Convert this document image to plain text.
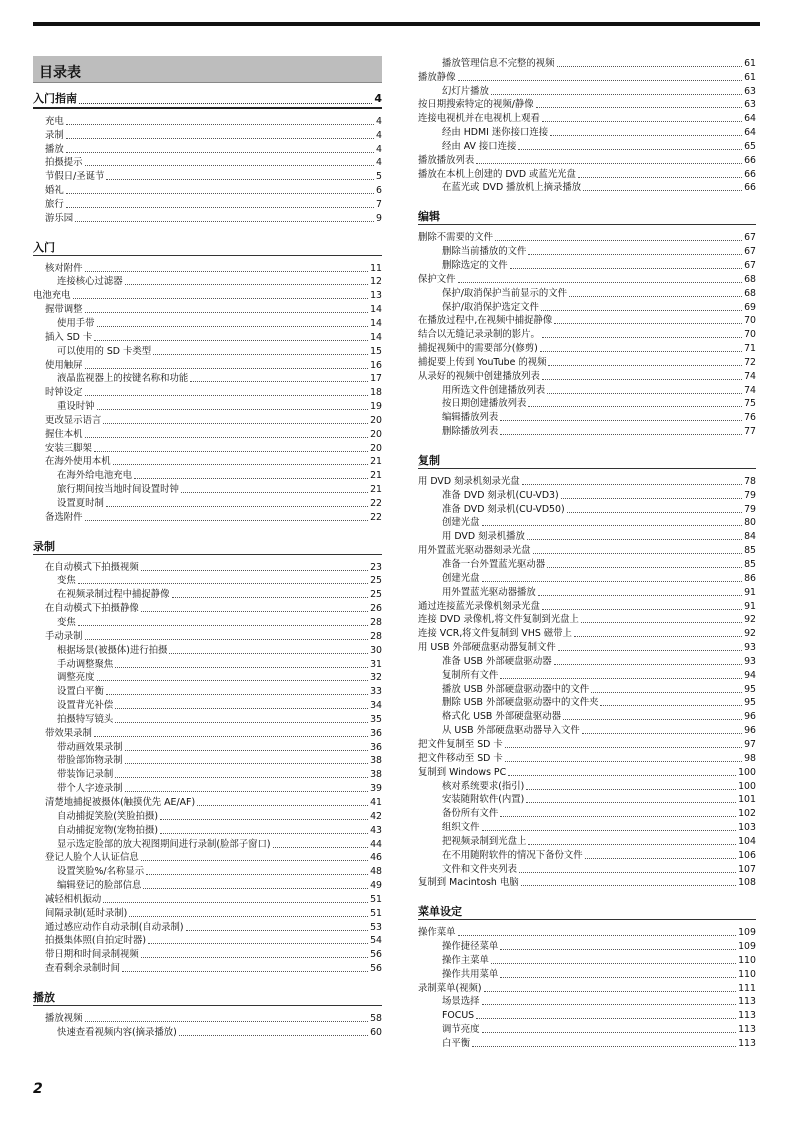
目录表
入门指南	4
充电	4
录制	4
播放	4
拍摄提示	4
节假日/圣诞节	5
婚礼	6
旅行	7
游乐园	9
入门
核对附件	11
连接核心过滤器	12
电池充电	13
握带调整	14
使用手带	14
插入 SD 卡	14
可以使用的 SD 卡类型	15
使用触屏	16
液晶监视器上的按键名称和功能	17
时钟设定	18
重设时钟	19
更改显示语言	20
握住本机	20
安装三脚架	20
在海外使用本机	21
在海外给电池充电	21
旅行期间按当地时间设置时钟	21
设置夏时制	22
备选附件	22
录制
在自动模式下拍摄视频	23
变焦	25
在视频录制过程中捕捉静像	25
在自动模式下拍摄静像	26
变焦	28
手动录制	28
根据场景(被摄体)进行拍摄	30
手动调整聚焦	31
调整亮度	32
设置白平衡	33
设置背光补偿	34
拍摄特写镜头	35
带效果录制	36
带动画效果录制	36
带脸部饰物录制	38
带装饰记录制	38
带个人字迹录制	39
清楚地捕捉被摄体(触摸优先 AE/AF)	41
自动捕捉笑脸(笑脸拍摄)	42
自动捕捉宠物(宠物拍摄)	43
显示选定脸部的放大视图期间进行录制(脸部子窗口)	44
登记人脸个人认证信息	46
设置笑脸%/名称显示	48
编辑登记的脸部信息	49
减轻相机振动	51
间隔录制(延时录制)	51
通过感应动作自动录制(自动录制)	53
拍摄集体照(自拍定时器)	54
带日期和时间录制视频	56
查看剩余录制时间	56
播放
播放视频	58
快速查看视频内容(摘录播放)	60
播放管理信息不完整的视频	61
播放静像	61
幻灯片播放	63
按日期搜索特定的视频/静像	63
连接电视机并在电视机上观看	64
经由 HDMI 迷你接口连接	64
经由 AV 接口连接	65
播放播放列表	66
播放在本机上创建的 DVD 或蓝光光盘	66
在蓝光或 DVD 播放机上摘录播放	66
编辑
删除不需要的文件	67
删除当前播放的文件	67
删除选定的文件	67
保护文件	68
保护/取消保护当前显示的文件	68
保护/取消保护选定文件	69
在播放过程中,在视频中捕捉静像	70
结合以无缝记录录制的影片。	70
捕捉视频中的需要部分(修剪)	71
捕捉要上传到 YouTube 的视频	72
从录好的视频中创建播放列表	74
用所选文件创建播放列表	74
按日期创建播放列表	75
编辑播放列表	76
删除播放列表	77
复制
用 DVD 刻录机刻录光盘	78
准备 DVD 刻录机(CU-VD3)	79
准备 DVD 刻录机(CU-VD50)	79
创建光盘	80
用 DVD 刻录机播放	84
用外置蓝光驱动器刻录光盘	85
准备一台外置蓝光驱动器	85
创建光盘	86
用外置蓝光驱动器播放	91
通过连接蓝光录像机刻录光盘	91
连接 DVD 录像机,将文件复制到光盘上	92
连接 VCR,将文件复制到 VHS 磁带上	92
用 USB 外部硬盘驱动器复制文件	93
准备 USB 外部硬盘驱动器	93
复制所有文件	94
播放 USB 外部硬盘驱动器中的文件	95
删除 USB 外部硬盘驱动器中的文件夹	95
格式化 USB 外部硬盘驱动器	96
从 USB 外部硬盘驱动器导入文件	96
把文件复制至 SD 卡	97
把文件移动至 SD 卡	98
复制到 Windows PC	100
核对系统要求(指引)	100
安装随附软件(内置)	101
备份所有文件	102
组织文件	103
把视频录制到光盘上	104
在不用随附软件的情况下备份文件	106
文件和文件夹列表	107
复制到 Macintosh 电脑	108
菜单设定
操作菜单	109
操作捷径菜单	109
操作主菜单	110
操作共用菜单	110
录制菜单(视频)	111
场景选择	113
FOCUS	113
调节亮度	113
白平衡	113
2
